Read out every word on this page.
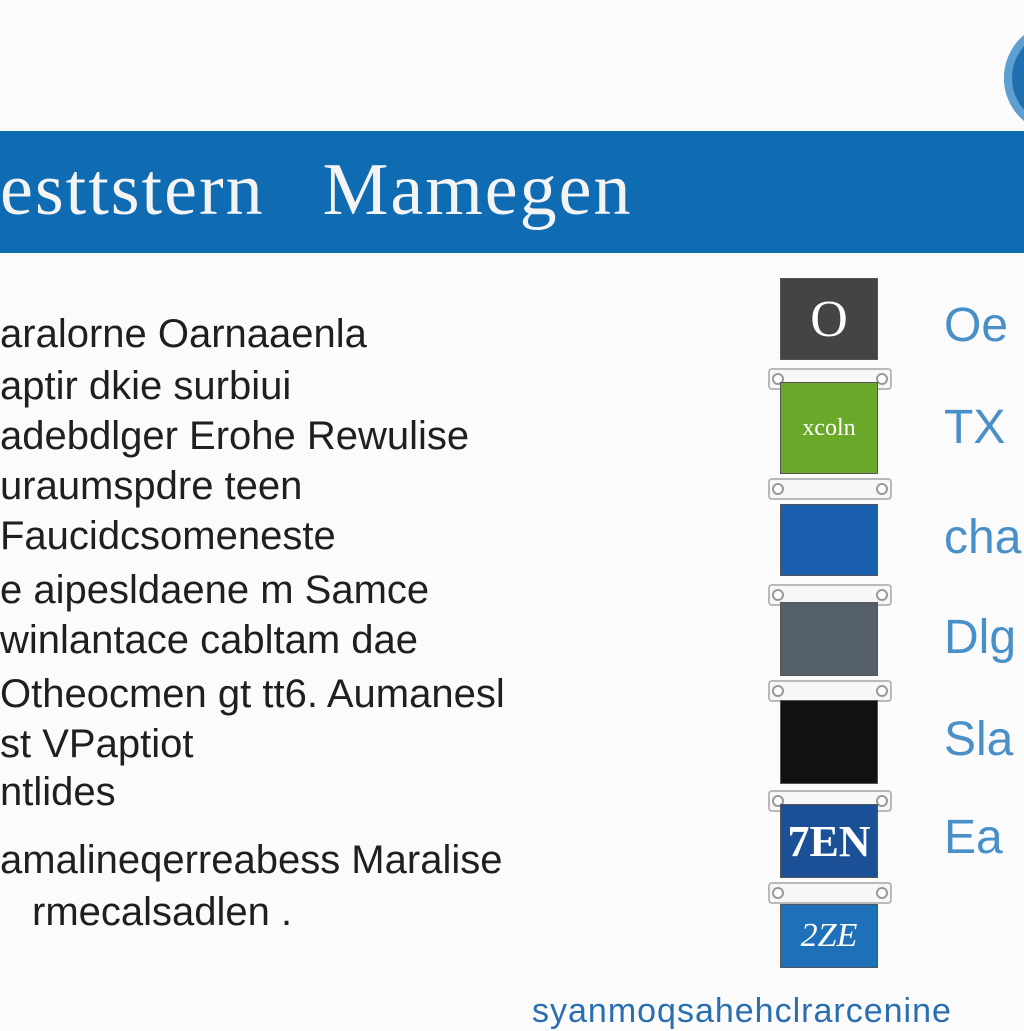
esttstern Mamegen
aralorne Oarnaaenla
aptir dkie surbiui
adebdlger Erohe Rewulise
uraumspdre teen
Faucidcsomeneste
e aipesldaene m Samce
winlantace cabltam dae
Otheocmen gt tt6. Aumanesl
st VPaptiot
ntlides
amalineqerreabess Maralise
rmecalsadlen .
O
xcoln
7EN
2ZE
Oe
TX
cha
Dlg
Sla
Ea
syanmoqsahehclrarcenine
